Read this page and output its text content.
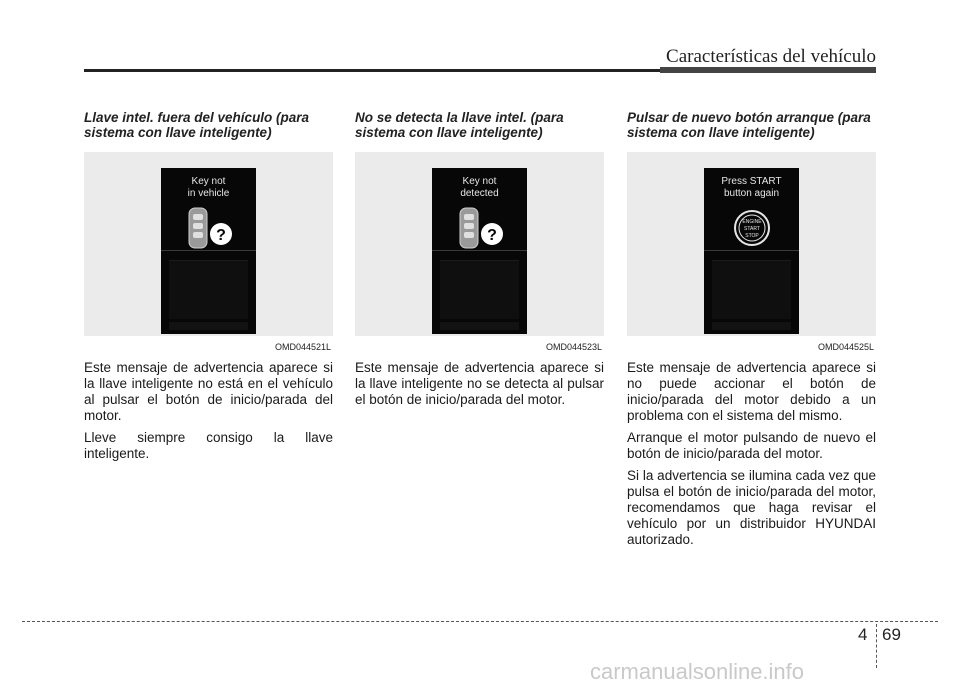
Características del vehículo
Llave intel. fuera del vehículo (para sistema con llave inteligente)
Key not
in vehicle
?
OMD044521L

Este mensaje de advertencia aparece si la llave inteligente no está en el vehículo al pulsar el botón de inicio/parada del motor.

Lleve siempre consigo la llave inteligente.

No se detecta la llave intel. (para sistema con llave inteligente)
Key not
detected
?
OMD044523L

Este mensaje de advertencia aparece si la llave inteligente no se detecta al pulsar el botón de inicio/parada del motor.

Pulsar de nuevo botón arranque (para sistema con llave inteligente)
Press START
button again
ENGINE
START
STOP
OMD044525L

Este mensaje de advertencia aparece si no puede accionar el botón de inicio/parada del motor debido a un problema con el sistema del mismo.

Arranque el motor pulsando de nuevo el botón de inicio/parada del motor.

Si la advertencia se ilumina cada vez que pulsa el botón de inicio/parada del motor, recomendamos que haga revisar el vehículo por un distribuidor HYUNDAI autorizado.

4 69
carmanualsonline.info
